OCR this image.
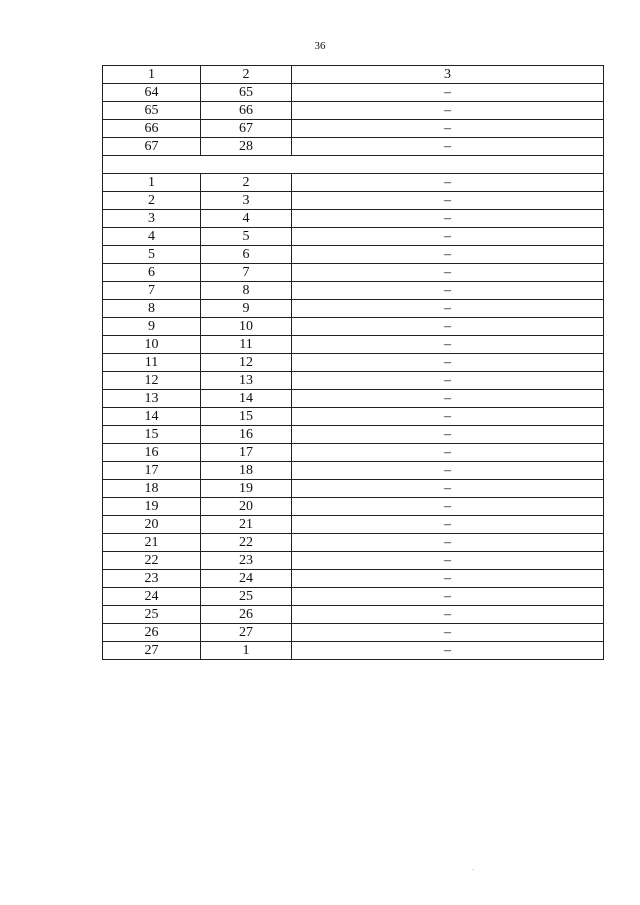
36
1	2	3
64	65	–
65	66	–
66	67	–
67	28	–

1	2	–
2	3	–
3	4	–
4	5	–
5	6	–
6	7	–
7	8	–
8	9	–
9	10	–
10	11	–
11	12	–
12	13	–
13	14	–
14	15	–
15	16	–
16	17	–
17	18	–
18	19	–
19	20	–
20	21	–
21	22	–
22	23	–
23	24	–
24	25	–
25	26	–
26	27	–
27	1	–
·
